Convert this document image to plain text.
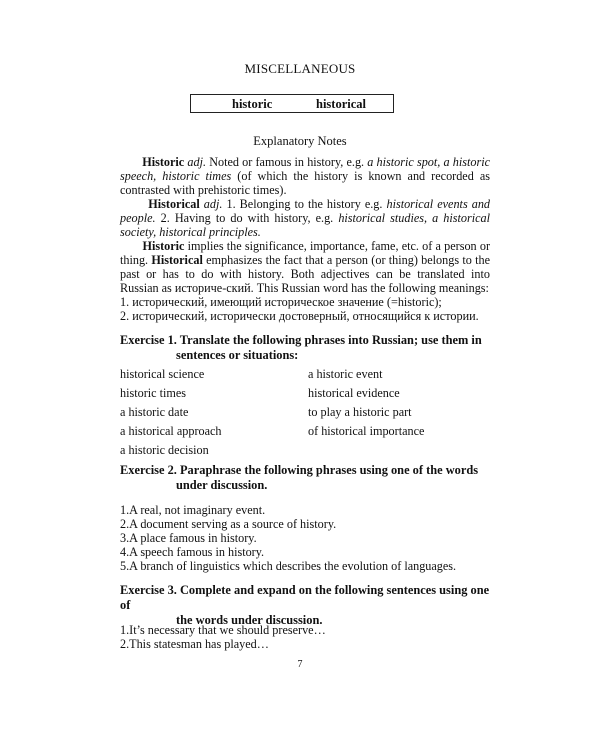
MISCELLANEOUS
historic	historical
Explanatory Notes
Historic adj. Noted or famous in history, e.g. a historic spot, a historic speech, historic times (of which the history is known and recorded as contrasted with prehistoric times).
Historical adj. 1. Belonging to the history e.g. historical events and people. 2. Having to do with history, e.g. historical studies, a historical society, historical principles.
Historic implies the significance, importance, fame, etc. of a person or thing. Historical emphasizes the fact that a person (or thing) belongs to the past or has to do with history. Both adjectives can be translated into Russian as историче-ский. This Russian word has the following meanings:
1. исторический, имеющий историческое значение (=historic);
2. исторический, исторически достоверный, относящийся к истории.
Exercise 1. Translate the following phrases into Russian; use them in
sentences or situations:
historical science
historic times
a historic date
a historical approach
a historic decision
a historic event
historical evidence
to play a historic part
of historical importance
Exercise 2. Paraphrase the following phrases using one of the words
under discussion.
1.A real, not imaginary event.
2.A document serving as a source of history.
3.A place famous in history.
4.A speech famous in history.
5.A branch of linguistics which describes the evolution of languages.
Exercise 3. Complete and expand on the following sentences using one of
the words under discussion.
1.It’s necessary that we should preserve…
2.This statesman has played…
7
